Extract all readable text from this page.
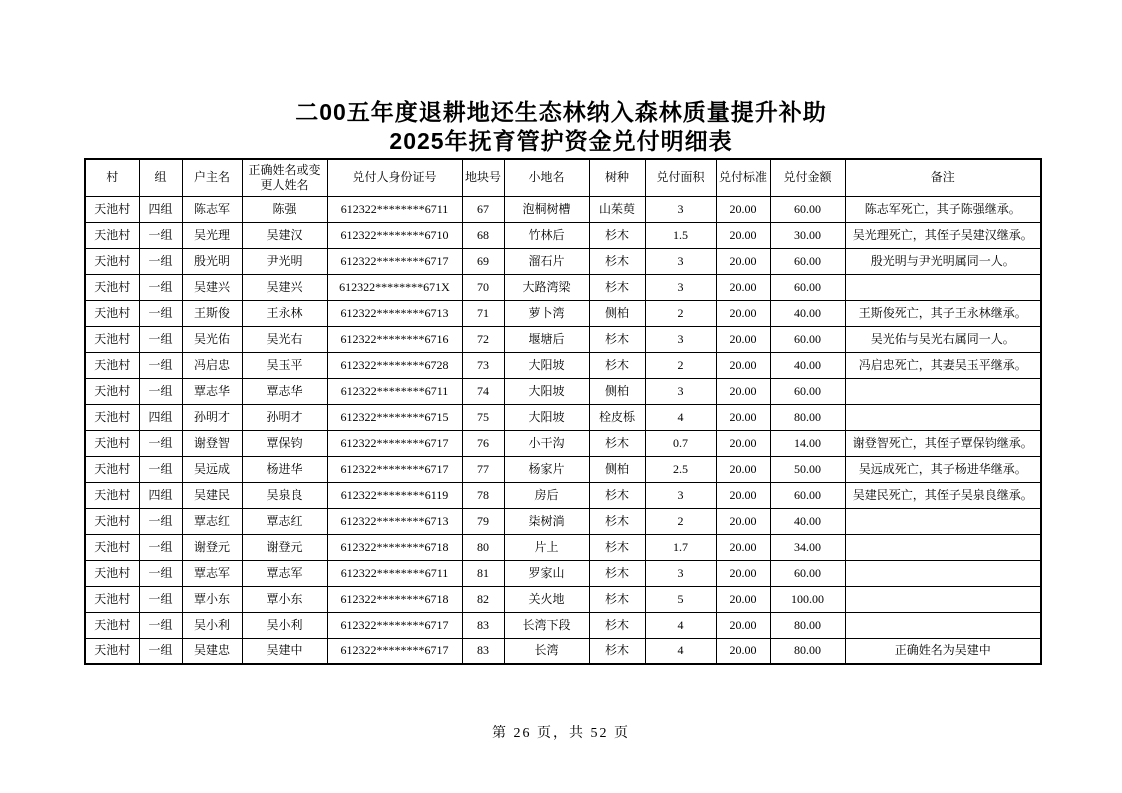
二00五年度退耕地还生态林纳入森林质量提升补助
2025年抚育管护资金兑付明细表
村	组	户主名	正确姓名或变更人姓名	兑付人身份证号	地块号	小地名	树种	兑付面积	兑付标准	兑付金额	备注
天池村	四组	陈志军	陈强	612322********6711	67	泡桐树槽	山茱萸	3	20.00	60.00	陈志军死亡，其子陈强继承。
天池村	一组	吴光理	吴建汉	612322********6710	68	竹林后	杉木	1.5	20.00	30.00	吴光理死亡，其侄子吴建汉继承。
天池村	一组	殷光明	尹光明	612322********6717	69	溜石片	杉木	3	20.00	60.00	殷光明与尹光明属同一人。
天池村	一组	吴建兴	吴建兴	612322********671X	70	大路湾梁	杉木	3	20.00	60.00	
天池村	一组	王斯俊	王永林	612322********6713	71	萝卜湾	侧柏	2	20.00	40.00	王斯俊死亡，其子王永林继承。
天池村	一组	吴光佑	吴光右	612322********6716	72	堰塘后	杉木	3	20.00	60.00	吴光佑与吴光右属同一人。
天池村	一组	冯启忠	吴玉平	612322********6728	73	大阳坡	杉木	2	20.00	40.00	冯启忠死亡，其妻吴玉平继承。
天池村	一组	覃志华	覃志华	612322********6711	74	大阳坡	侧柏	3	20.00	60.00	
天池村	四组	孙明才	孙明才	612322********6715	75	大阳坡	栓皮栎	4	20.00	80.00	
天池村	一组	谢登智	覃保钧	612322********6717	76	小干沟	杉木	0.7	20.00	14.00	谢登智死亡，其侄子覃保钧继承。
天池村	一组	吴远成	杨进华	612322********6717	77	杨家片	侧柏	2.5	20.00	50.00	吴远成死亡，其子杨进华继承。
天池村	四组	吴建民	吴泉良	612322********6119	78	房后	杉木	3	20.00	60.00	吴建民死亡，其侄子吴泉良继承。
天池村	一组	覃志红	覃志红	612322********6713	79	柒树淌	杉木	2	20.00	40.00	
天池村	一组	谢登元	谢登元	612322********6718	80	片上	杉木	1.7	20.00	34.00	
天池村	一组	覃志军	覃志军	612322********6711	81	罗家山	杉木	3	20.00	60.00	
天池村	一组	覃小东	覃小东	612322********6718	82	关火地	杉木	5	20.00	100.00	
天池村	一组	吴小利	吴小利	612322********6717	83	长湾下段	杉木	4	20.00	80.00	
天池村	一组	吴建忠	吴建中	612322********6717	83	长湾	杉木	4	20.00	80.00	正确姓名为吴建中
第 26 页，共 52 页
